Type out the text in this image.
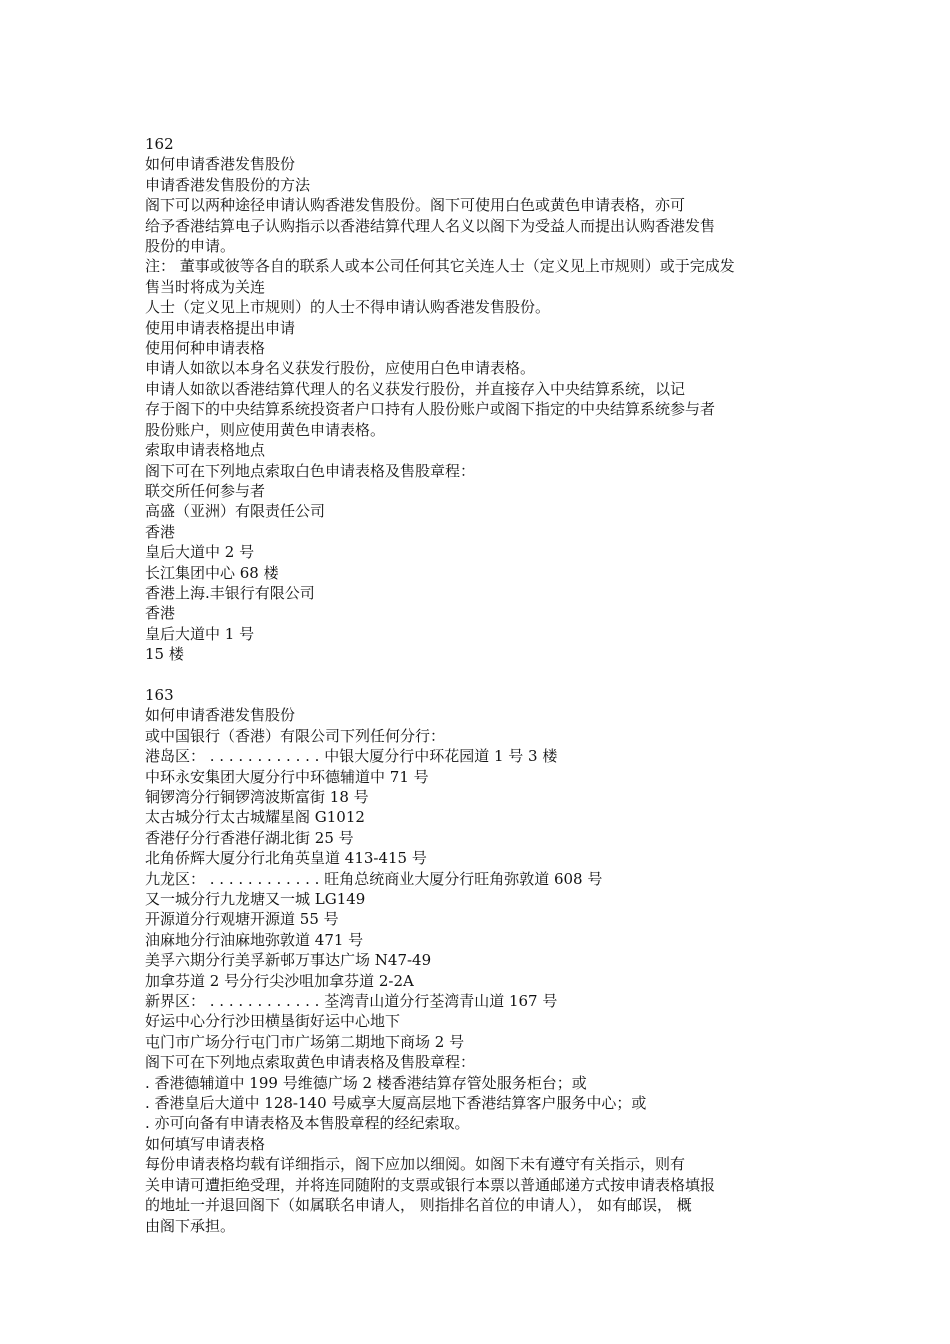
162
如何申请香港发售股份
申请香港发售股份的方法
阁下可以两种途径申请认购香港发售股份。阁下可使用白色或黄色申请表格，亦可
给予香港结算电子认购指示以香港结算代理人名义以阁下为受益人而提出认购香港发售
股份的申请。
注： 董事或彼等各自的联系人或本公司任何其它关连人士（定义见上市规则）或于完成发
售当时将成为关连
人士（定义见上市规则）的人士不得申请认购香港发售股份。
使用申请表格提出申请
使用何种申请表格
申请人如欲以本身名义获发行股份，应使用白色申请表格。
申请人如欲以香港结算代理人的名义获发行股份，并直接存入中央结算系统，以记
存于阁下的中央结算系统投资者户口持有人股份账户或阁下指定的中央结算系统参与者
股份账户，则应使用黄色申请表格。
索取申请表格地点
阁下可在下列地点索取白色申请表格及售股章程：
联交所任何参与者
高盛（亚洲）有限责任公司
香港
皇后大道中 2 号
长江集团中心 68 楼
香港上海.丰银行有限公司
香港
皇后大道中 1 号
15 楼
163
如何申请香港发售股份
或中国银行（香港）有限公司下列任何分行：
港岛区： . . . . . . . . . . . . 中银大厦分行中环花园道 1 号 3 楼
中环永安集团大厦分行中环德辅道中 71 号
铜锣湾分行铜锣湾波斯富街 18 号
太古城分行太古城耀星阁 G1012
香港仔分行香港仔湖北街 25 号
北角侨辉大厦分行北角英皇道 413-415 号
九龙区： . . . . . . . . . . . . 旺角总统商业大厦分行旺角弥敦道 608 号
又一城分行九龙塘又一城 LG149
开源道分行观塘开源道 55 号
油麻地分行油麻地弥敦道 471 号
美孚六期分行美孚新邨万事达广场 N47-49
加拿芬道 2 号分行尖沙咀加拿芬道 2-2A
新界区： . . . . . . . . . . . . 荃湾青山道分行荃湾青山道 167 号
好运中心分行沙田横垦街好运中心地下
屯门市广场分行屯门市广场第二期地下商场 2 号
阁下可在下列地点索取黄色申请表格及售股章程：
. 香港德辅道中 199 号维德广场 2 楼香港结算存管处服务柜台；或
. 香港皇后大道中 128-140 号威享大厦高层地下香港结算客户服务中心；或
. 亦可向备有申请表格及本售股章程的经纪索取。
如何填写申请表格
每份申请表格均载有详细指示，阁下应加以细阅。如阁下未有遵守有关指示，则有
关申请可遭拒绝受理，并将连同随附的支票或银行本票以普通邮递方式按申请表格填报
的地址一并退回阁下（如属联名申请人， 则指排名首位的申请人）， 如有邮误， 概
由阁下承担。
